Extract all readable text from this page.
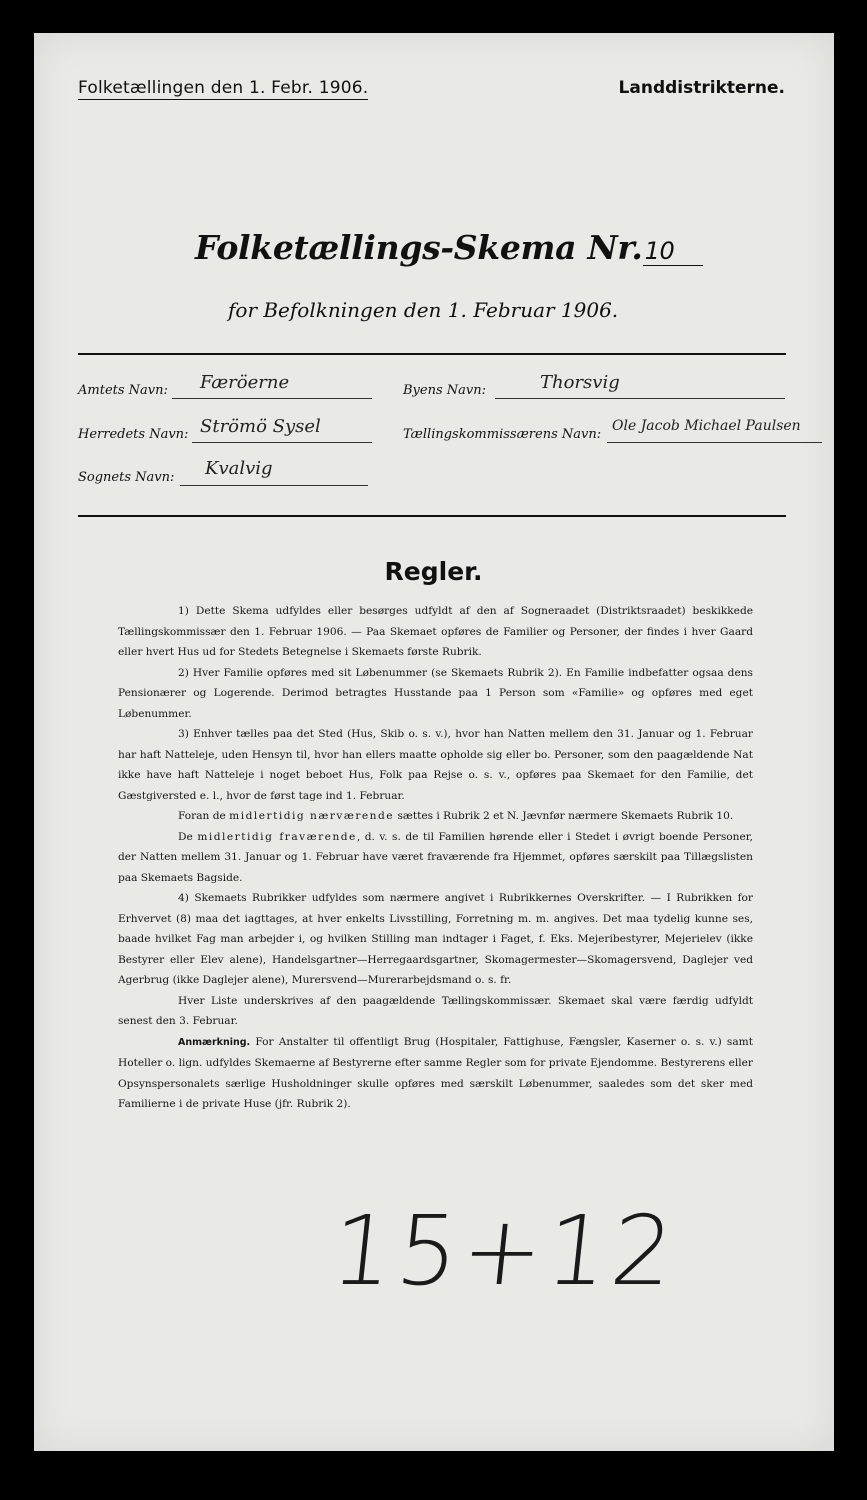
Folketællingen den 1. Febr. 1906.	Landdistrikterne.
Folketællings-Skema Nr.10
for Befolkningen den 1. Februar 1906.
Amtets Navn: Færöerne	Byens Navn:	Thorsvig
Herredets Navn: Strömö Sysel	Tællingskommissærens Navn:
Ole Jacob Michael Paulsen
Sognets Navn: Kvalvig
Regler.

1) Dette Skema udfyldes eller besørges udfyldt af den af Sogneraadet (Distriktsraadet) beskikkede Tællingskommissær den 1. Februar 1906. — Paa Skemaet opføres de Familier og Personer, der findes i hver Gaard eller hvert Hus ud for Stedets Betegnelse i Skemaets første Rubrik.

2) Hver Familie opføres med sit Løbenummer (se Skemaets Rubrik 2). En Familie indbefatter ogsaa dens Pensionærer og Logerende. Derimod betragtes Husstande paa 1 Person som «Familie» og opføres med eget Løbenummer.

3) Enhver tælles paa det Sted (Hus, Skib o. s. v.), hvor han Natten mellem den 31. Januar og 1. Februar har haft Natteleje, uden Hensyn til, hvor han ellers maatte opholde sig eller bo. Personer, som den paagældende Nat ikke have haft Natteleje i noget beboet Hus, Folk paa Rejse o. s. v., opføres paa Skemaet for den Familie, det Gæstgiversted e. l., hvor de først tage ind 1. Februar.

Foran de midlertidig nærværende sættes i Rubrik 2 et N. Jævnfør nærmere Skemaets Rubrik 10.

De midlertidig fraværende, d. v. s. de til Familien hørende eller i Stedet i øvrigt boende Personer, der Natten mellem 31. Januar og 1. Februar have været fraværende fra Hjemmet, opføres særskilt paa Tillægslisten paa Skemaets Bagside.

4) Skemaets Rubrikker udfyldes som nærmere angivet i Rubrikkernes Overskrifter. — I Rubrikken for Erhvervet (8) maa det iagttages, at hver enkelts Livsstilling, Forretning m. m. angives. Det maa tydelig kunne ses, baade hvilket Fag man arbejder i, og hvilken Stilling man indtager i Faget, f. Eks. Mejeribestyrer, Mejerielev (ikke Bestyrer eller Elev alene), Handelsgartner—Herregaardsgartner, Skomagermester—Skomagersvend, Daglejer ved Agerbrug (ikke Daglejer alene), Murersvend—Murerarbejdsmand o. s. fr.

Hver Liste underskrives af den paagældende Tællingskommissær. Skemaet skal være færdig udfyldt senest den 3. Februar.

Anmærkning. For Anstalter til offentligt Brug (Hospitaler, Fattighuse, Fængsler, Kaserner o. s. v.) samt Hoteller o. lign. udfyldes Skemaerne af Bestyrerne efter samme Regler som for private Ejendomme. Bestyrerens eller Opsynspersonalets særlige Husholdninger skulle opføres med særskilt Løbenummer, saaledes som det sker med Familierne i de private Huse (jfr. Rubrik 2).

15+12
